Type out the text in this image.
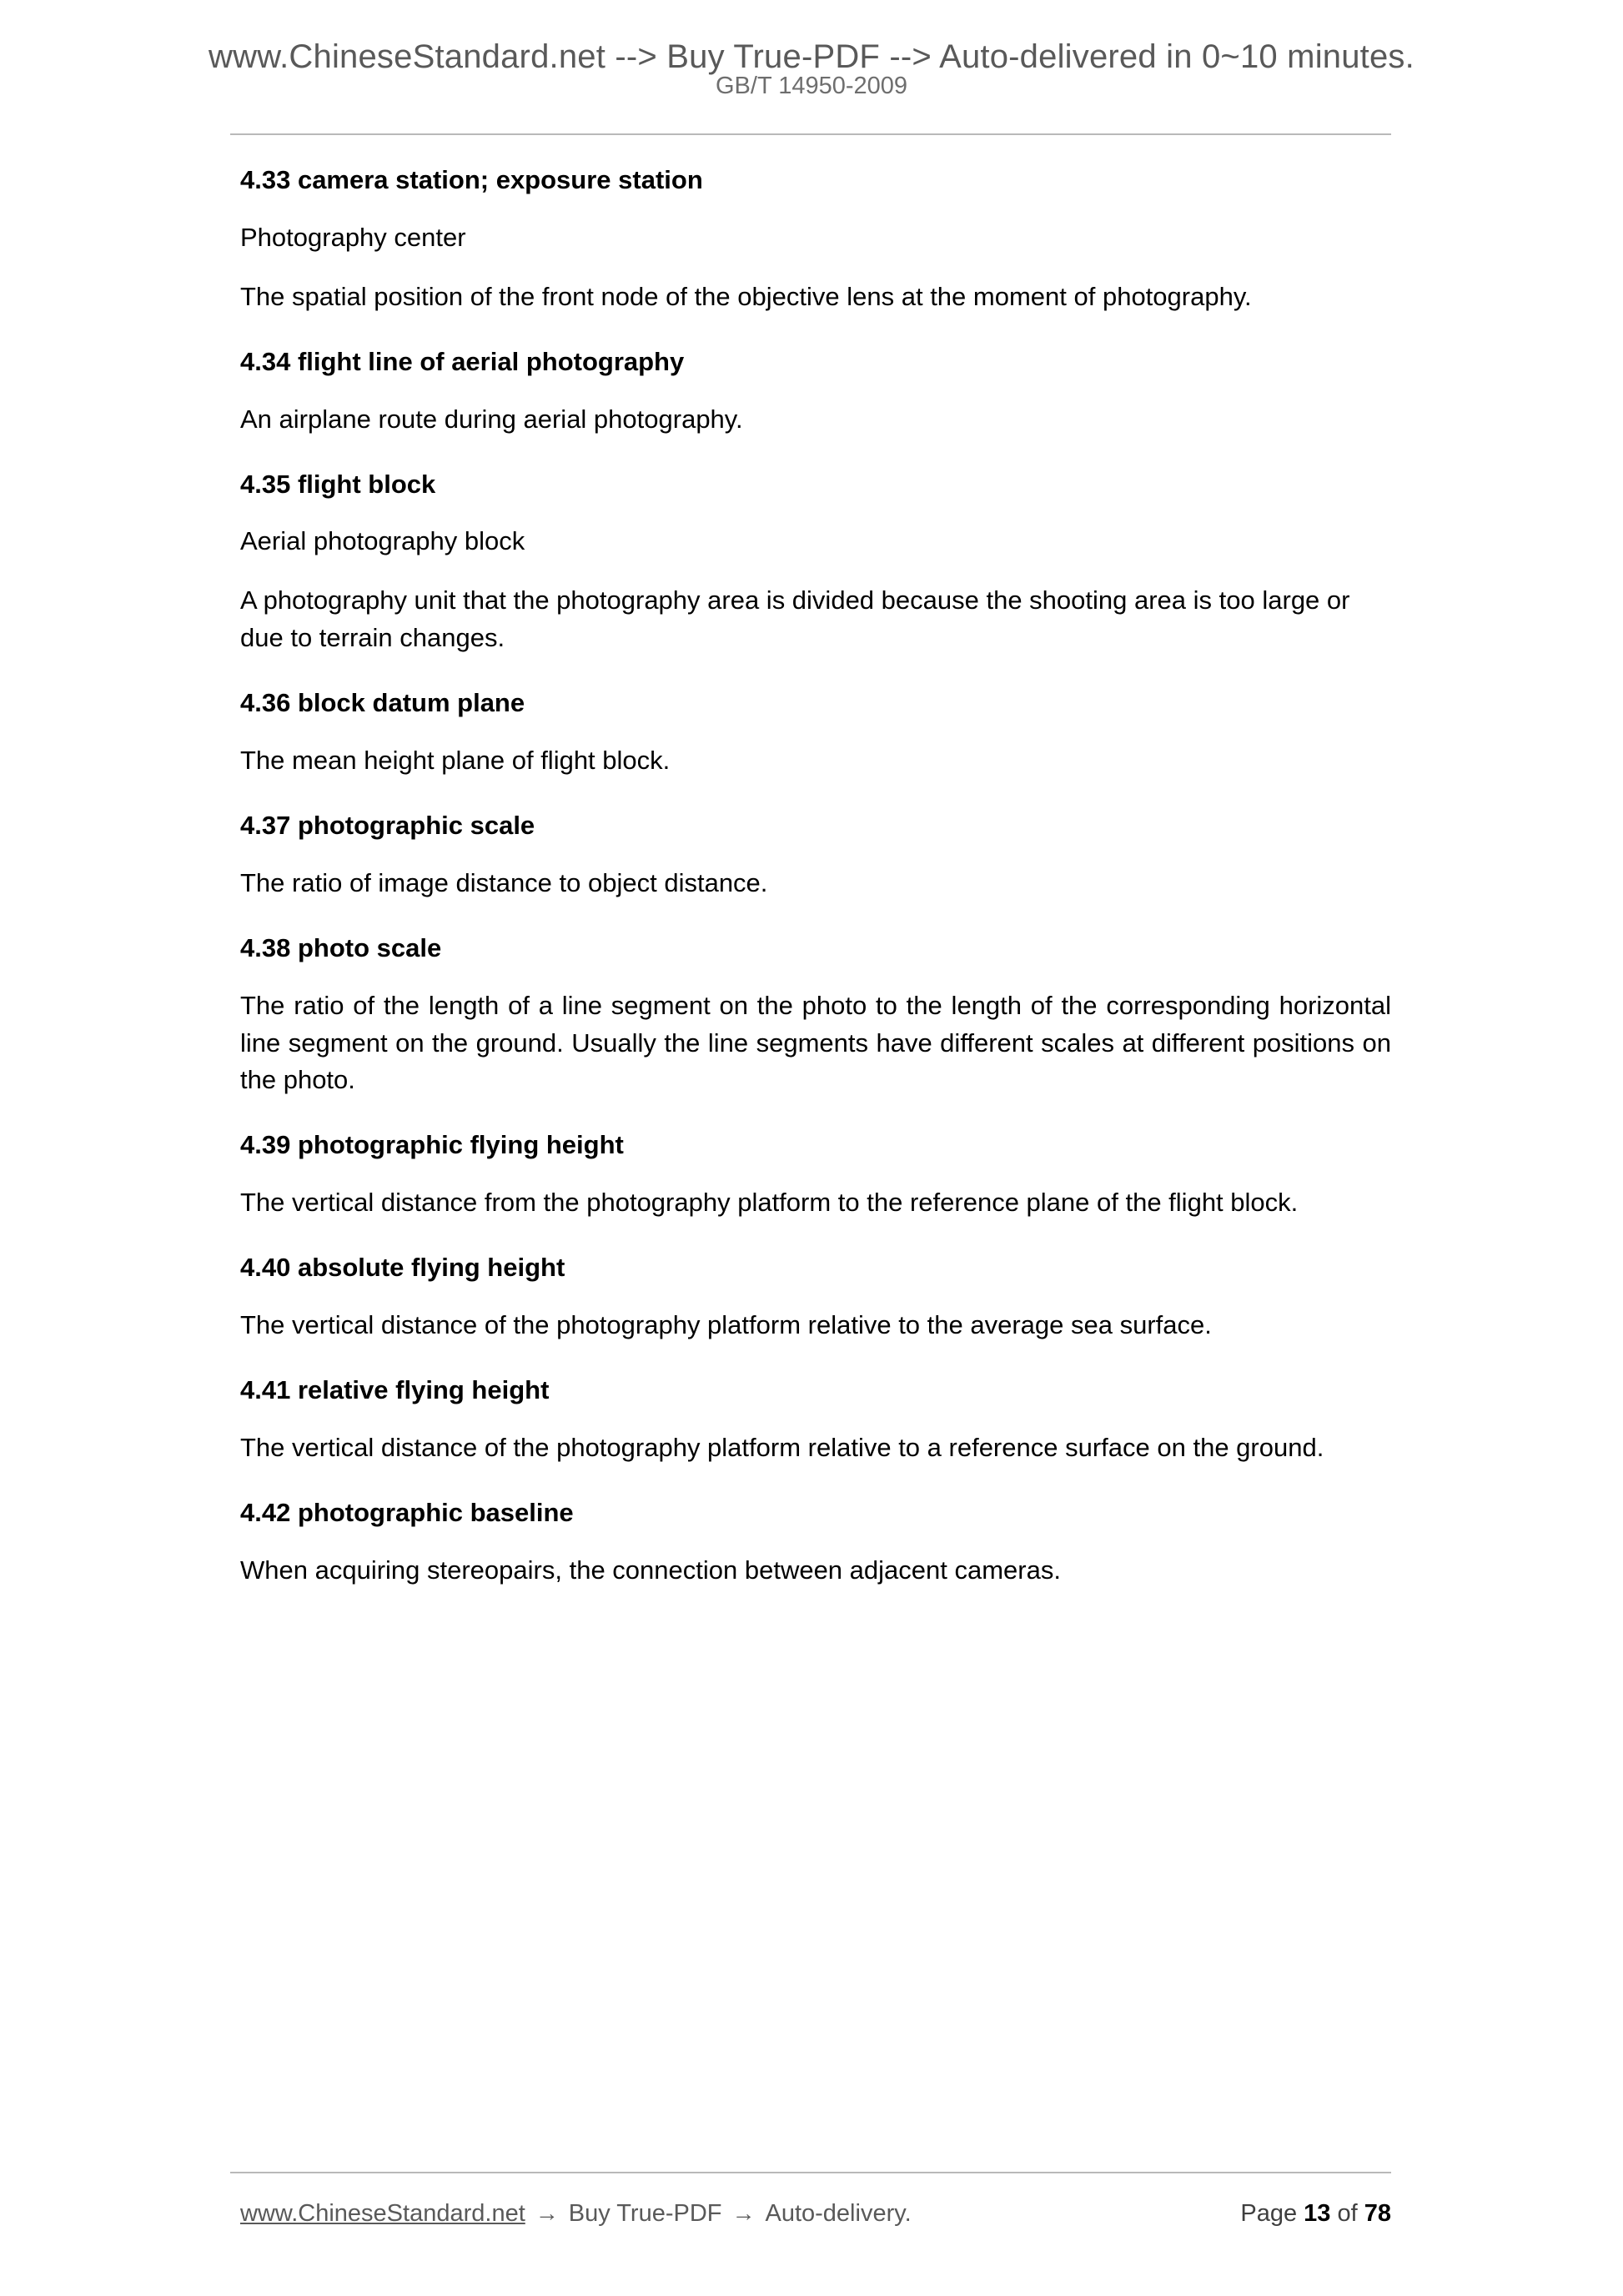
www.ChineseStandard.net --> Buy True-PDF --> Auto-delivered in 0~10 minutes.
GB/T 14950-2009
4.33 camera station; exposure station

Photography center

The spatial position of the front node of the objective lens at the moment of photography.

4.34 flight line of aerial photography

An airplane route during aerial photography.

4.35 flight block

Aerial photography block

A photography unit that the photography area is divided because the shooting area is too large or due to terrain changes.

4.36 block datum plane

The mean height plane of flight block.

4.37 photographic scale

The ratio of image distance to object distance.

4.38 photo scale

The ratio of the length of a line segment on the photo to the length of the corresponding horizontal line segment on the ground. Usually the line segments have different scales at different positions on the photo.

4.39 photographic flying height

The vertical distance from the photography platform to the reference plane of the flight block.

4.40 absolute flying height

The vertical distance of the photography platform relative to the average sea surface.

4.41 relative flying height

The vertical distance of the photography platform relative to a reference surface on the ground.

4.42 photographic baseline

When acquiring stereopairs, the connection between adjacent cameras.

www.ChineseStandard.net → Buy True-PDF → Auto-delivery.	Page 13 of 78
